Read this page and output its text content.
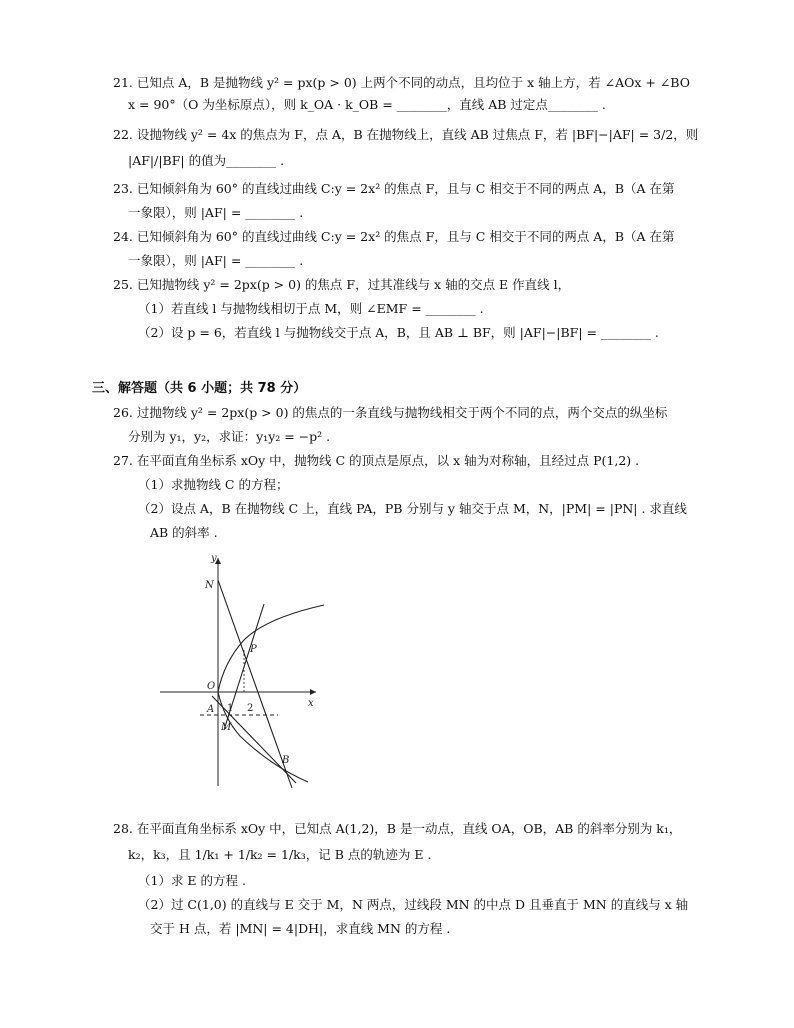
21. 已知点 A，B 是抛物线 y² = px(p > 0) 上两个不同的动点，且均位于 x 轴上方，若 ∠AOx + ∠BO
x = 90°（O 为坐标原点），则 k_OA · k_OB = ________，直线 AB 过定点________ .
22. 设抛物线 y² = 4x 的焦点为 F，点 A，B 在抛物线上，直线 AB 过焦点 F，若 |BF|−|AF| = 3/2，则
|AF|/|BF| 的值为________ .
23. 已知倾斜角为 60° 的直线过曲线 C:y = 2x² 的焦点 F，且与 C 相交于不同的两点 A，B（A 在第
一象限），则 |AF| = ________ .
24. 已知倾斜角为 60° 的直线过曲线 C:y = 2x² 的焦点 F，且与 C 相交于不同的两点 A，B（A 在第
一象限），则 |AF| = ________ .
25. 已知抛物线 y² = 2px(p > 0) 的焦点 F，过其准线与 x 轴的交点 E 作直线 l，
（1）若直线 l 与抛物线相切于点 M，则 ∠EMF = ________ .
（2）设 p = 6，若直线 l 与抛物线交于点 A，B，且 AB ⊥ BF，则 |AF|−|BF| = ________ .
三、解答题（共 6 小题；共 78 分）
26. 过抛物线 y² = 2px(p > 0) 的焦点的一条直线与抛物线相交于两个不同的点，两个交点的纵坐标
分别为 y₁，y₂，求证：y₁y₂ = −p² .
27. 在平面直角坐标系 xOy 中，抛物线 C 的顶点是原点，以 x 轴为对称轴，且经过点 P(1,2) .
（1）求抛物线 C 的方程；
（2）设点 A，B 在抛物线 C 上，直线 PA，PB 分别与 y 轴交于点 M，N，|PM| = |PN| . 求直线
AB 的斜率 .
y
x
O
N
P
A
M
B
1 2
28. 在平面直角坐标系 xOy 中，已知点 A(1,2)，B 是一动点，直线 OA，OB，AB 的斜率分别为 k₁，
k₂，k₃，且 1/k₁ + 1/k₂ = 1/k₃，记 B 点的轨迹为 E .
（1）求 E 的方程 .
（2）过 C(1,0) 的直线与 E 交于 M，N 两点，过线段 MN 的中点 D 且垂直于 MN 的直线与 x 轴
交于 H 点，若 |MN| = 4|DH|，求直线 MN 的方程 .
